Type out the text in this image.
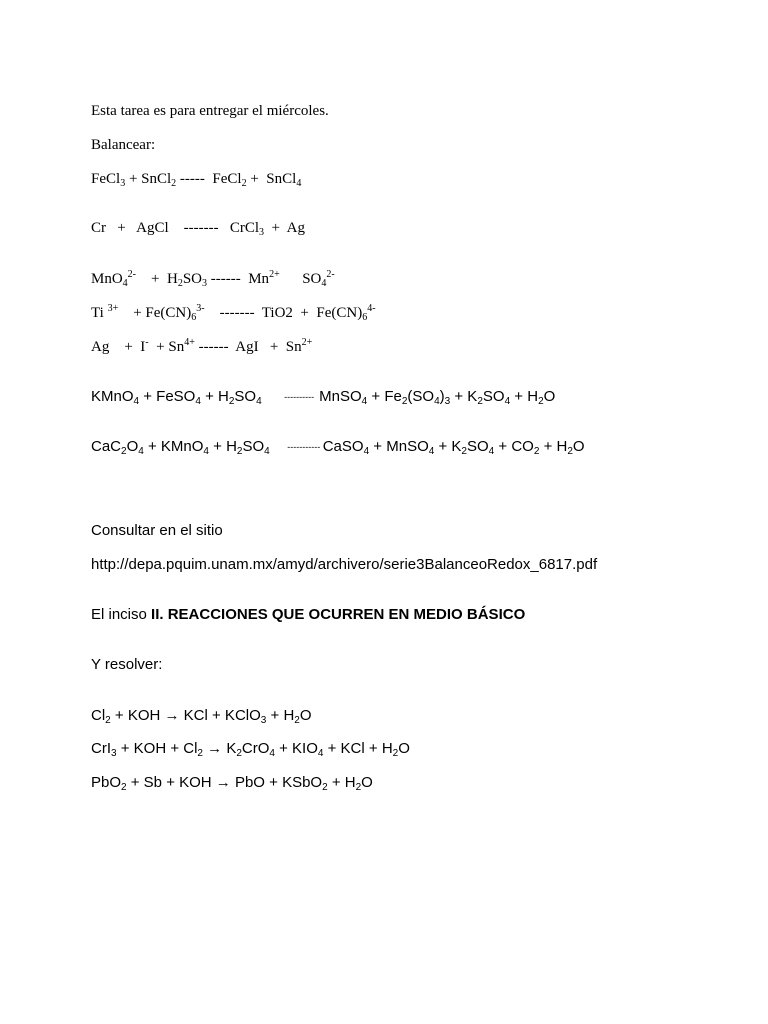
Esta tarea es para entregar el miércoles.
Balancear:
FeCl$_3$ + SnCl$_2$ -----  FeCl$_2$ +  SnCl$_4$
Cr   +   AgCl    -------   CrCl$_3$  +  Ag
MnO$_4^{2-}$    +  $H_2SO_3$ ------  $Mn^{2+}$      $SO_4^{2-}$
Ti $^{3+}$    + $Fe(CN)_6^{3-}$    -------  $TiO2 + Fe(CN)_6^{4-}$
Ag    +  $I^- + Sn^{4+}$ ------  AgI   +  $Sn^{2+}$
KMnO$_4$ + FeSO$_4$ + $H_2SO_4$         ----------  MnSO$_4$ + $Fe_2(SO_4)_3 + K_2SO_4 + H_2O$
$CaC_2O_4$ + KMnO$_4$ + $H_2SO_4$       ----------- CaSO$_4$ + MnSO$_4$ + $K_2SO_4 + CO_2 + H_2O$
Consultar en el sitio
http://depa.pquim.unam.mx/amyd/archivero/serie3BalanceoRedox_6817.pdf
El inciso II. REACCIONES QUE OCURREN EN MEDIO BÁSICO
Y resolver:
$Cl_2$ + KOH → KCl + KClO$_3$ + $H_2O$
CrI$_3$ + KOH + $Cl_2 \to K_2CrO_4 + KIO_4$ + KCl + $H_2O$
PbO$_2$ + Sb + KOH → PbO + KSbO$_2$ + $H_2O$
